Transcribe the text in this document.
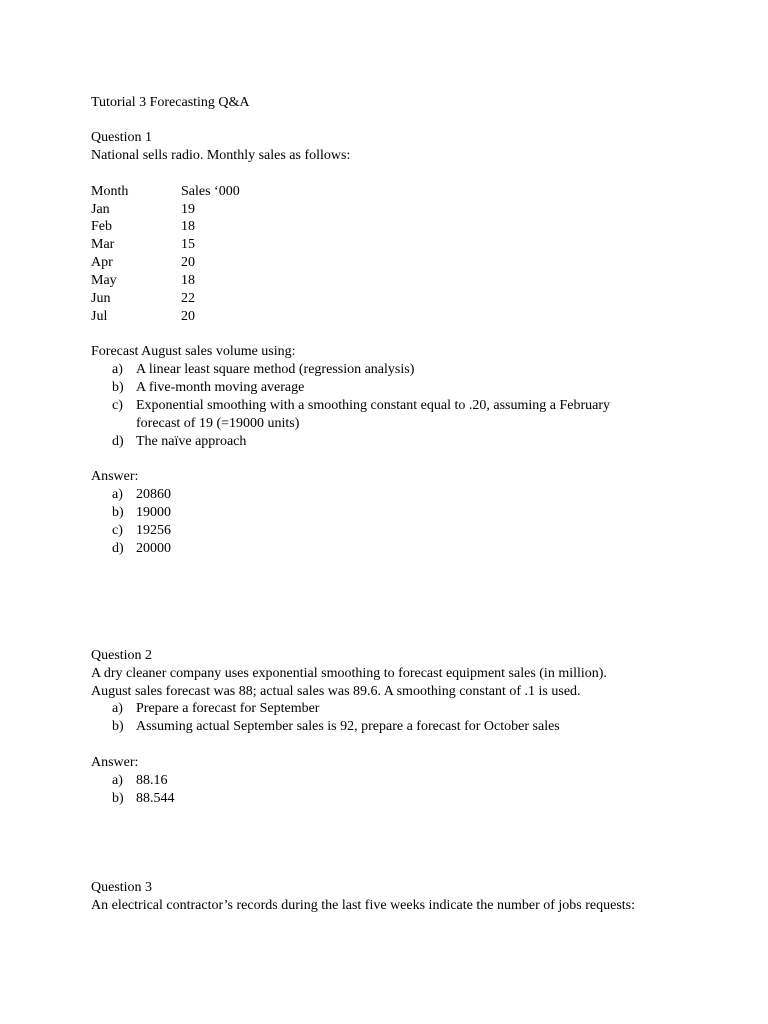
Tutorial 3 Forecasting Q&A
Question 1
National sells radio. Monthly sales as follows:
Month	Sales ‘000
Jan	19
Feb	18
Mar	15
Apr	20
May	18
Jun	22
Jul	20
Forecast August sales volume using:
a) A linear least square method (regression analysis)
b) A five-month moving average
c) Exponential smoothing with a smoothing constant equal to .20, assuming a February
forecast of 19 (=19000 units)
d) The naïve approach
Answer:
a) 20860
b) 19000
c) 19256
d) 20000
Question 2
A dry cleaner company uses exponential smoothing to forecast equipment sales (in million).
August sales forecast was 88; actual sales was 89.6. A smoothing constant of .1 is used.
a) Prepare a forecast for September
b) Assuming actual September sales is 92, prepare a forecast for October sales
Answer:
a) 88.16
b) 88.544
Question 3
An electrical contractor’s records during the last five weeks indicate the number of jobs requests:
